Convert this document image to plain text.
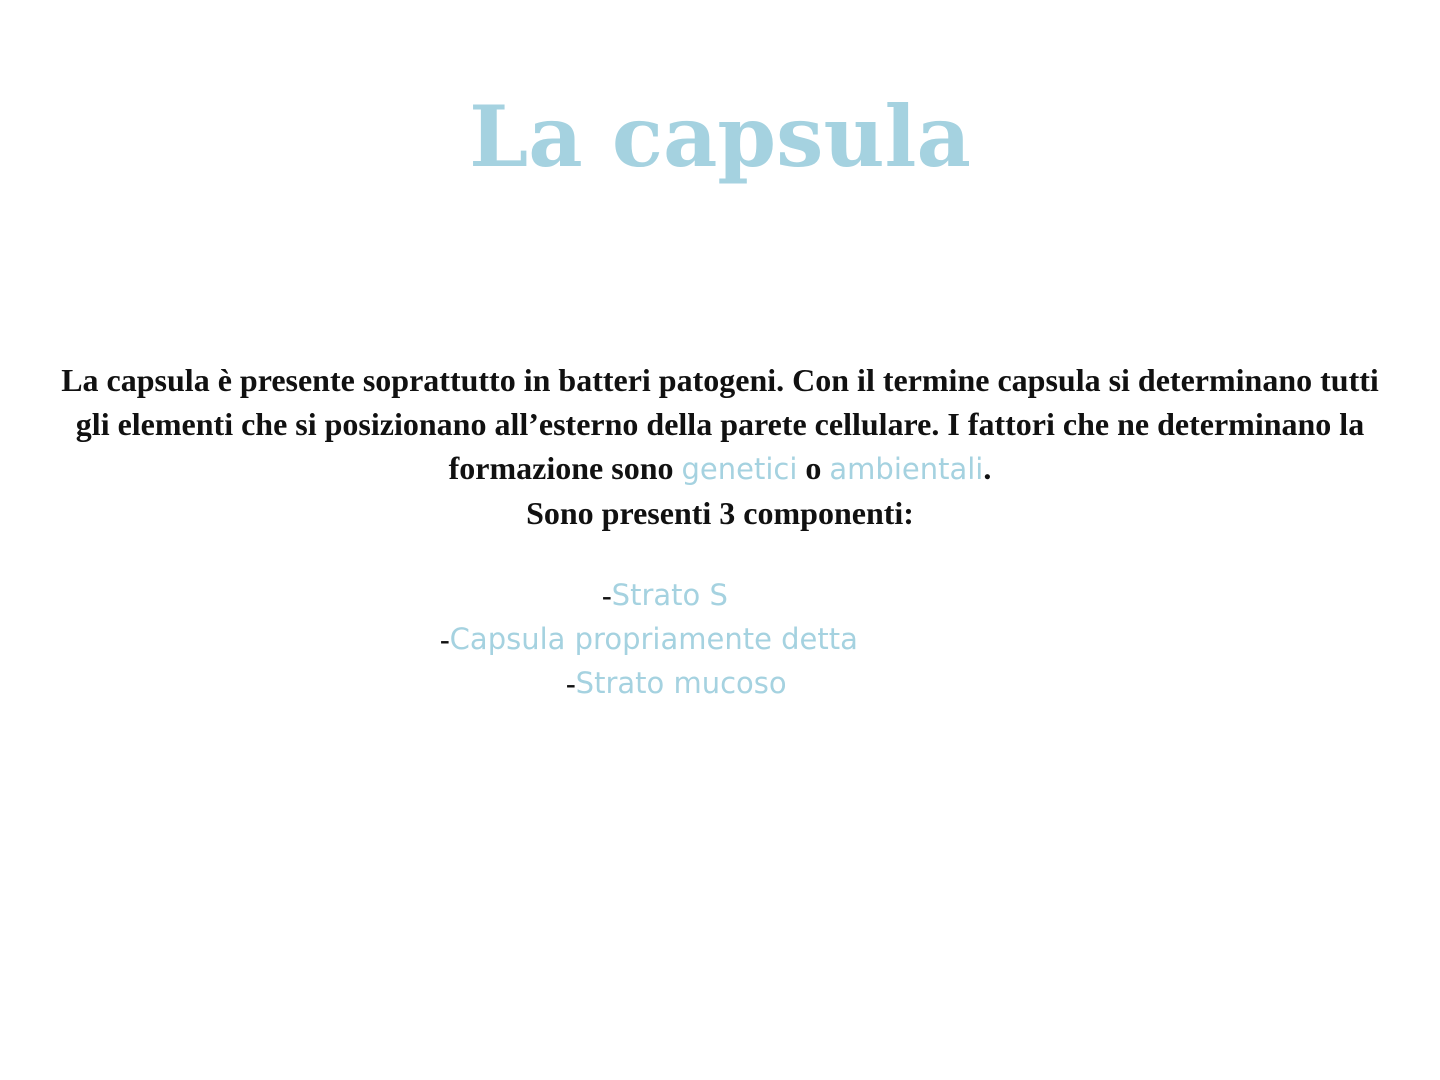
La capsula

La capsula è presente soprattutto in batteri patogeni. Con il termine capsula si determinano tutti gli elementi che si posizionano all’esterno della parete cellulare. I fattori che ne determinano la formazione sono genetici o ambientali.
Sono presenti 3 componenti:

-Strato S
-Capsula propriamente detta
-Strato mucoso
